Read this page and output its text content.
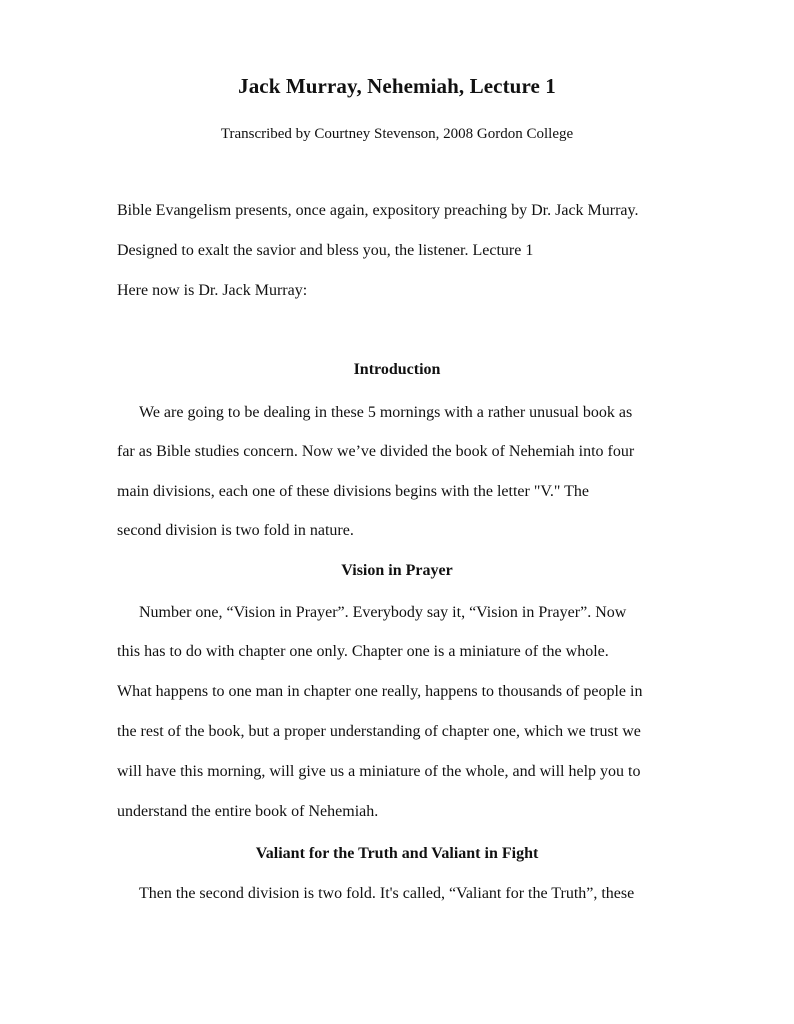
Jack Murray, Nehemiah, Lecture 1
Transcribed by Courtney Stevenson, 2008 Gordon College
Bible Evangelism presents, once again, expository preaching by Dr. Jack Murray.
Designed to exalt the savior and bless you, the listener. Lecture 1
Here now is Dr. Jack Murray:
Introduction
We are going to be dealing in these 5 mornings with a rather unusual book as
far as Bible studies concern. Now we’ve divided the book of Nehemiah into four
main divisions, each one of these divisions begins with the letter "V." The
second division is two fold in nature.
Vision in Prayer
Number one, “Vision in Prayer”. Everybody say it, “Vision in Prayer”. Now
this has to do with chapter one only. Chapter one is a miniature of the whole.
What happens to one man in chapter one really, happens to thousands of people in
the rest of the book, but a proper understanding of chapter one, which we trust we
will have this morning, will give us a miniature of the whole, and will help you to
understand the entire book of Nehemiah.
Valiant for the Truth and Valiant in Fight
Then the second division is two fold. It's called, “Valiant for the Truth”, these
